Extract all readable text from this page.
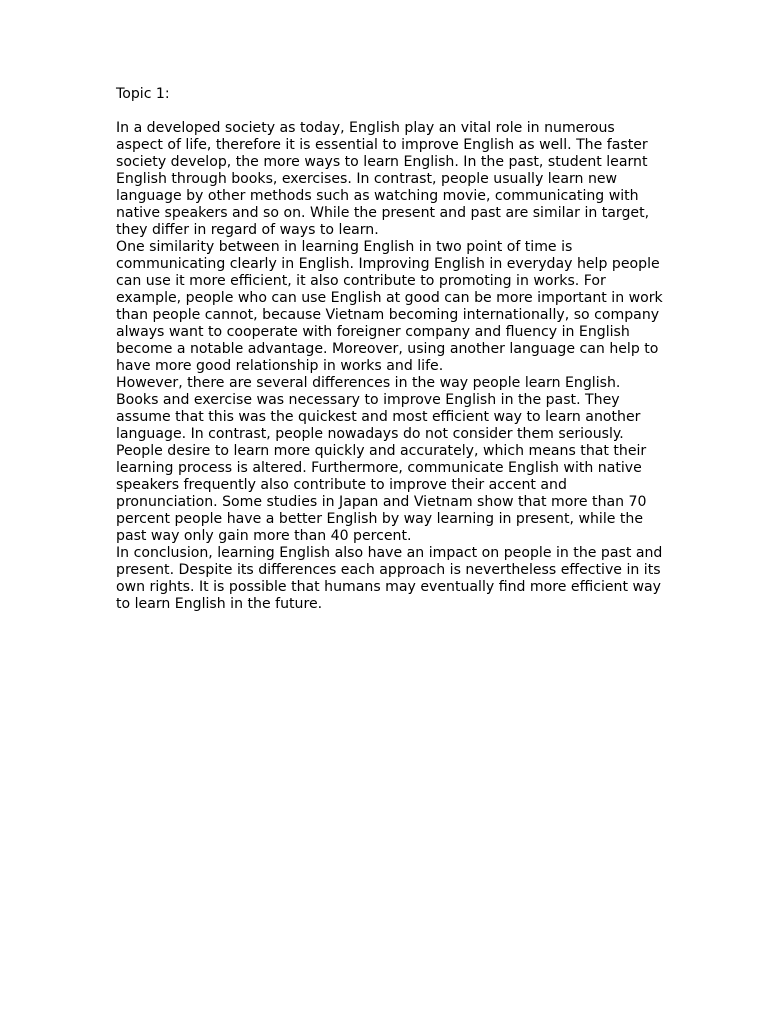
Topic 1:

In a developed society as today, English play an vital role in numerous aspect of life, therefore it is essential to improve English as well. The faster society develop, the more ways to learn English. In the past, student learnt English through books, exercises. In contrast, people usually learn new language by other methods such as watching movie, communicating with native speakers and so on. While the present and past are similar in target, they differ in regard of ways to learn.

One similarity between in learning English in two point of time is communicating clearly in English. Improving English in everyday help people can use it more efficient, it also contribute to promoting in works. For example, people who can use English at good can be more important in work than people cannot, because Vietnam becoming internationally, so company always want to cooperate with foreigner company and fluency in English become a notable advantage. Moreover, using another language can help to have more good relationship in works and life.

However, there are several differences in the way people learn English. Books and exercise was necessary to improve English in the past. They assume that this was the quickest and most efficient way to learn another language. In contrast, people nowadays do not consider them seriously. People desire to learn more quickly and accurately, which means that their learning process is altered. Furthermore, communicate English with native speakers frequently also contribute to improve their accent and pronunciation. Some studies in Japan and Vietnam show that more than 70 percent people have a better English by way learning in present, while the past way only gain more than 40 percent.

In conclusion, learning English also have an impact on people in the past and present. Despite its differences each approach is nevertheless effective in its own rights. It is possible that humans may eventually find more efficient way to learn English in the future.
